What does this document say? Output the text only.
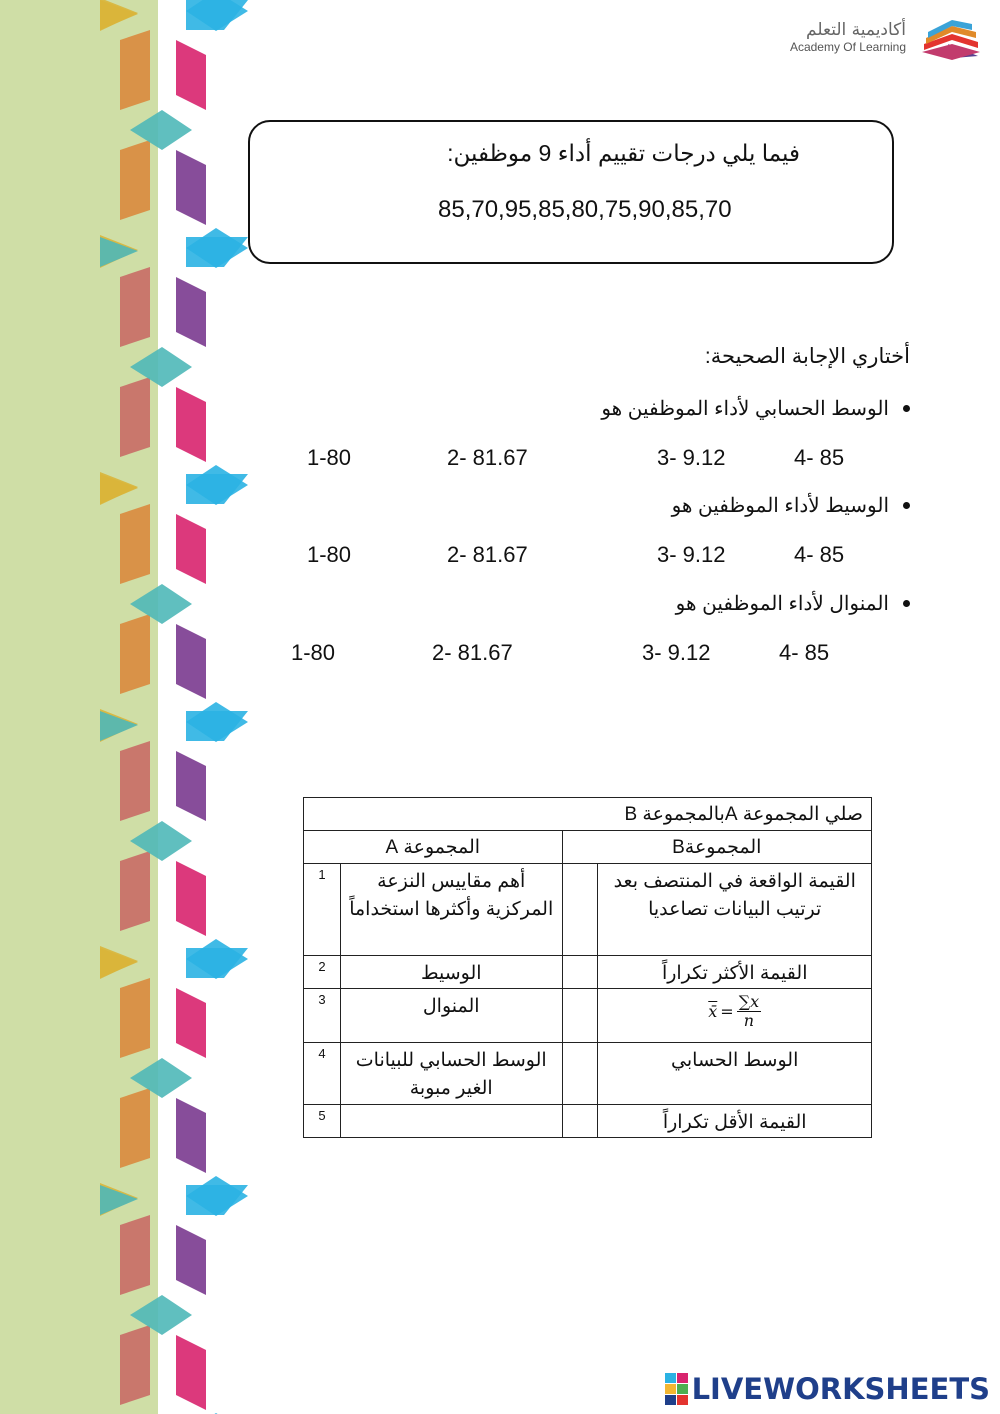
أكاديمية التعلم
Academy Of Learning
فيما يلي درجات تقييم أداء 9 موظفين:
85,70,95,85,80,75,90,85,70
أختاري الإجابة الصحيحة:
الوسط الحسابي لأداء الموظفين هو
1-80	2- 81.67	3- 9.12	4- 85
الوسيط لأداء الموظفين هو
1-80	2- 81.67	3- 9.12	4- 85
المنوال لأداء الموظفين هو
1-80	2- 81.67	3- 9.12	4- 85
صلي المجموعة Aبالمجموعة B			
المجموعة A		المجموعةB	
1	أهم مقاييس النزعة المركزية وأكثرها استخداماً		القيمة الواقعة في المنتصف بعد ترتيب البيانات تصاعديا
2	الوسيط		القيمة الأكثر تكراراً
3	المنوال		x̄ = $\frac{\sum x}{n}$

4	الوسط الحسابي للبيانات الغير مبوبة		الوسط الحسابي
5			القيمة الأقل تكراراً
LIVEWORKSHEETS
